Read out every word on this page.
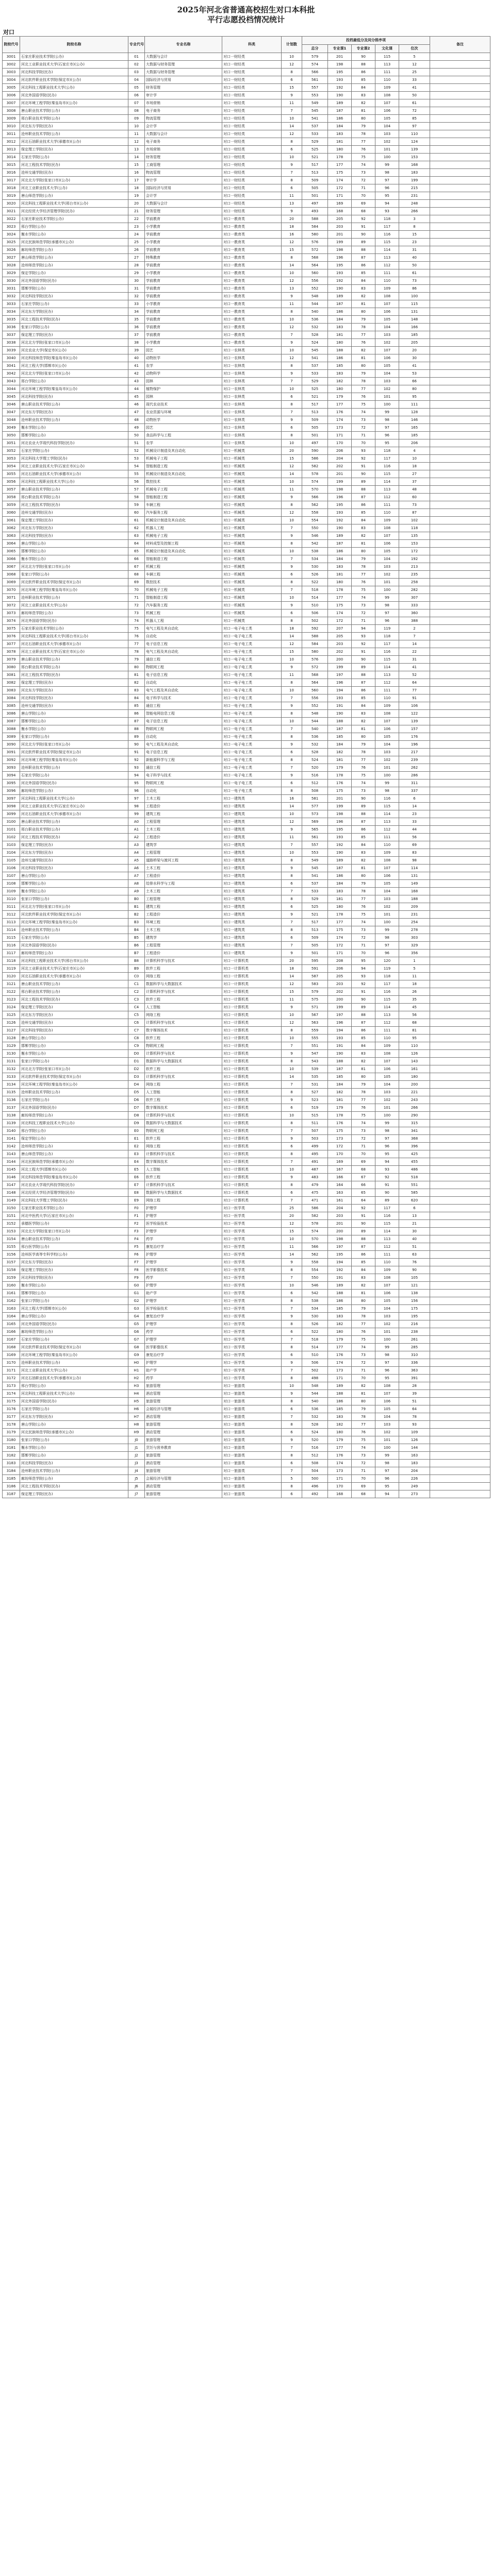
2025年河北省普通高校招生对口本科批
平行志愿投档情况统计
对口
院校代号	院校名称	专业代号	专业名称	科类	计划数	投档最低分及同分排序项					备注
						总分	专业课1	专业课2	文化课	位次	
3001	石家庄职业技术学院(公办)	01	大数据与会计	对口一财经类	10	579	201	90	115	5	
3002	河北工业职业技术大学(石家庄市)(公办)	02	大数据与财务管理	对口一财经类	12	574	198	88	113	12	
3003	河北科技学院(民办)	03	大数据与财务管理	对口一财经类	8	566	195	86	111	25	
3004	河北软件职业技术学院(保定市)(公办)	04	国际经济与贸易	对口一财经类	6	561	193	85	110	33	
3005	河北科技工程职业技术大学(公办)	05	财务管理	对口一财经类	15	557	192	84	109	41	
3006	河北外国语学院(民办)	06	审计学	对口一财经类	9	553	190	83	108	50	
3007	河北环境工程学院(秦皇岛市)(公办)	07	市场营销	对口一财经类	11	549	189	82	107	61	
3008	唐山职业技术学院(公办)	08	电子商务	对口一财经类	7	545	187	81	106	72	
3009	邢台职业技术学院(公办)	09	物流管理	对口一财经类	10	541	186	80	105	85	
3010	河北东方学院(民办)	10	会计学	对口一财经类	14	537	184	79	104	97	
3011	沧州职业技术学院(公办)	11	大数据与会计	对口一财经类	12	533	183	78	103	110	
3012	河北石油职业技术大学(承德市)(公办)	12	电子商务	对口一财经类	8	529	181	77	102	124	
3013	保定理工学院(民办)	13	市场营销	对口一财经类	6	525	180	76	101	139	
3014	石家庄学院(公办)	14	财务管理	对口一财经类	10	521	178	75	100	153	
3015	河北工程技术学院(民办)	15	工商管理	对口一财经类	9	517	177	74	99	168	
3016	沧州交通学院(民办)	16	物流管理	对口一财经类	7	513	175	73	98	183	
3017	河北北方学院(张家口市)(公办)	17	审计学	对口一财经类	8	509	174	72	97	199	
3018	河北工业职业技术大学(公办)	18	国际经济与贸易	对口一财经类	6	505	172	71	96	215	
3019	唐山师范学院(公办)	19	会计学	对口一财经类	11	501	171	70	95	231	
3020	河北科技工程职业技术大学(邢台市)(公办)	20	大数据与会计	对口一财经类	13	497	169	69	94	248	
3021	河北经贸大学经济管理学院(民办)	21	财务管理	对口一财经类	9	493	168	68	93	266	
3022	石家庄职业技术学院(公办)	22	学前教育	对口一教育类	20	588	205	92	118	3	
3023	邢台学院(公办)	23	小学教育	对口一教育类	18	584	203	91	117	8	
3024	衡水学院(公办)	24	学前教育	对口一教育类	16	580	201	90	116	15	
3025	河北民族师范学院(承德市)(公办)	25	小学教育	对口一教育类	12	576	199	89	115	23	
3026	廊坊师范学院(公办)	26	学前教育	对口一教育类	15	572	198	88	114	31	
3027	唐山师范学院(公办)	27	特殊教育	对口一教育类	8	568	196	87	113	40	
3028	沧州师范学院(公办)	28	学前教育	对口一教育类	14	564	195	86	112	50	
3029	保定学院(公办)	29	小学教育	对口一教育类	10	560	193	85	111	61	
3030	河北外国语学院(民办)	30	学前教育	对口一教育类	12	556	192	84	110	73	
3031	邯郸学院(公办)	31	学前教育	对口一教育类	13	552	190	83	109	86	
3032	河北科技学院(民办)	32	学前教育	对口一教育类	9	548	189	82	108	100	
3033	石家庄学院(公办)	33	小学教育	对口一教育类	11	544	187	81	107	115	
3034	河北东方学院(民办)	34	学前教育	对口一教育类	8	540	186	80	106	131	
3035	河北工程技术学院(民办)	35	学前教育	对口一教育类	10	536	184	79	105	148	
3036	张家口学院(公办)	36	学前教育	对口一教育类	12	532	183	78	104	166	
3037	保定理工学院(民办)	37	学前教育	对口一教育类	7	528	181	77	103	185	
3038	河北北方学院(张家口市)(公办)	38	小学教育	对口一教育类	9	524	180	76	102	205	
3039	河北农业大学(保定市)(公办)	39	园艺	对口一农林类	10	545	188	82	107	20	
3040	河北科技师范学院(秦皇岛市)(公办)	40	动物医学	对口一农林类	12	541	186	81	106	30	
3041	河北工程大学(邯郸市)(公办)	41	农学	对口一农林类	8	537	185	80	105	41	
3042	河北北方学院(张家口市)(公办)	42	动物科学	对口一农林类	9	533	183	79	104	53	
3043	邢台学院(公办)	43	园林	对口一农林类	7	529	182	78	103	66	
3044	河北环境工程学院(秦皇岛市)(公办)	44	植物保护	对口一农林类	10	525	180	77	102	80	
3045	河北科技学院(民办)	45	园林	对口一农林类	6	521	179	76	101	95	
3046	唐山职业技术学院(公办)	46	现代农业技术	对口一农林类	8	517	177	75	100	111	
3047	河北东方学院(民办)	47	农业资源与环境	对口一农林类	7	513	176	74	99	128	
3048	沧州职业技术学院(公办)	48	动物医学	对口一农林类	9	509	174	73	98	146	
3049	衡水学院(公办)	49	园艺	对口一农林类	6	505	173	72	97	165	
3050	邯郸学院(公办)	50	食品科学与工程	对口一农林类	8	501	171	71	96	185	
3051	河北农业大学现代科技学院(民办)	51	农学	对口一农林类	10	497	170	70	95	206	
3052	石家庄学院(公办)	52	机械设计制造及其自动化	对口一机械类	20	590	206	93	118	4	
3053	河北科技大学理工学院(民办)	53	机械电子工程	对口一机械类	15	586	204	92	117	10	
3054	河北工业职业技术大学(石家庄市)(公办)	54	智能制造工程	对口一机械类	12	582	202	91	116	18	
3055	河北石油职业技术大学(承德市)(公办)	55	机械设计制造及其自动化	对口一机械类	14	578	201	90	115	27	
3056	河北科技工程职业技术大学(公办)	56	数控技术	对口一机械类	10	574	199	89	114	37	
3057	唐山职业技术学院(公办)	57	机械电子工程	对口一机械类	11	570	198	88	113	48	
3058	邢台职业技术学院(公办)	58	智能制造工程	对口一机械类	9	566	196	87	112	60	
3059	河北工程技术学院(民办)	59	车辆工程	对口一机械类	8	562	195	86	111	73	
3060	沧州交通学院(民办)	60	汽车服务工程	对口一机械类	12	558	193	85	110	87	
3061	保定理工学院(民办)	61	机械设计制造及其自动化	对口一机械类	10	554	192	84	109	102	
3062	河北东方学院(民办)	62	机器人工程	对口一机械类	7	550	190	83	108	118	
3063	河北科技学院(民办)	63	机械电子工程	对口一机械类	9	546	189	82	107	135	
3064	唐山学院(公办)	64	材料成型及控制工程	对口一机械类	8	542	187	81	106	153	
3065	邯郸学院(公办)	65	机械设计制造及其自动化	对口一机械类	10	538	186	80	105	172	
3066	衡水学院(公办)	66	智能制造工程	对口一机械类	7	534	184	79	104	192	
3067	河北北方学院(张家口市)(公办)	67	机械工程	对口一机械类	9	530	183	78	103	213	
3068	张家口学院(公办)	68	车辆工程	对口一机械类	6	526	181	77	102	235	
3069	河北软件职业技术学院(保定市)(公办)	69	数控技术	对口一机械类	8	522	180	76	101	258	
3070	河北环境工程学院(秦皇岛市)(公办)	70	机械电子工程	对口一机械类	7	518	178	75	100	282	
3071	沧州职业技术学院(公办)	71	智能制造工程	对口一机械类	10	514	177	74	99	307	
3072	河北工业职业技术大学(公办)	72	汽车服务工程	对口一机械类	9	510	175	73	98	333	
3073	廊坊师范学院(公办)	73	机械工程	对口一机械类	6	506	174	72	97	360	
3074	河北外国语学院(民办)	74	机器人工程	对口一机械类	8	502	172	71	96	388	
3075	石家庄职业技术学院(公办)	75	电气工程及其自动化	对口一电子电工类	18	592	207	94	119	2	
3076	河北科技工程职业技术大学(邢台市)(公办)	76	自动化	对口一电子电工类	14	588	205	93	118	7	
3077	河北石油职业技术大学(承德市)(公办)	77	电子信息工程	对口一电子电工类	12	584	203	92	117	14	
3078	河北工业职业技术大学(石家庄市)(公办)	78	电气工程及其自动化	对口一电子电工类	15	580	202	91	116	22	
3079	唐山职业技术学院(公办)	79	通信工程	对口一电子电工类	10	576	200	90	115	31	
3080	邢台职业技术学院(公办)	80	物联网工程	对口一电子电工类	9	572	199	89	114	41	
3081	河北工程技术学院(民办)	81	电子信息工程	对口一电子电工类	11	568	197	88	113	52	
3082	保定理工学院(民办)	82	自动化	对口一电子电工类	8	564	196	87	112	64	
3083	河北东方学院(民办)	83	电气工程及其自动化	对口一电子电工类	10	560	194	86	111	77	
3084	河北科技学院(民办)	84	电子科学与技术	对口一电子电工类	7	556	193	85	110	91	
3085	沧州交通学院(民办)	85	通信工程	对口一电子电工类	9	552	191	84	109	106	
3086	唐山学院(公办)	86	智能电网信息工程	对口一电子电工类	8	548	190	83	108	122	
3087	邯郸学院(公办)	87	电子信息工程	对口一电子电工类	10	544	188	82	107	139	
3088	衡水学院(公办)	88	物联网工程	对口一电子电工类	7	540	187	81	106	157	
3089	张家口学院(公办)	89	自动化	对口一电子电工类	8	536	185	80	105	176	
3090	河北北方学院(张家口市)(公办)	90	电气工程及其自动化	对口一电子电工类	9	532	184	79	104	196	
3091	河北软件职业技术学院(保定市)(公办)	91	电子信息工程	对口一电子电工类	6	528	182	78	103	217	
3092	河北环境工程学院(秦皇岛市)(公办)	92	新能源科学与工程	对口一电子电工类	8	524	181	77	102	239	
3093	沧州职业技术学院(公办)	93	通信工程	对口一电子电工类	7	520	179	76	101	262	
3094	石家庄学院(公办)	94	电子科学与技术	对口一电子电工类	9	516	178	75	100	286	
3095	河北外国语学院(民办)	95	物联网工程	对口一电子电工类	6	512	176	74	99	311	
3096	廊坊师范学院(公办)	96	自动化	对口一电子电工类	8	508	175	73	98	337	
3097	河北科技工程职业技术大学(公办)	97	土木工程	对口一建筑类	16	581	201	90	116	6	
3098	河北工业职业技术大学(石家庄市)(公办)	98	工程造价	对口一建筑类	14	577	199	89	115	14	
3099	河北石油职业技术大学(承德市)(公办)	99	建筑工程	对口一建筑类	10	573	198	88	114	23	
3100	唐山职业技术学院(公办)	A0	工程管理	对口一建筑类	12	569	196	87	113	33	
3101	邢台职业技术学院(公办)	A1	土木工程	对口一建筑类	9	565	195	86	112	44	
3102	河北工程技术学院(民办)	A2	工程造价	对口一建筑类	11	561	193	85	111	56	
3103	保定理工学院(民办)	A3	建筑学	对口一建筑类	7	557	192	84	110	69	
3104	河北东方学院(民办)	A4	工程管理	对口一建筑类	10	553	190	83	109	83	
3105	沧州交通学院(民办)	A5	道路桥梁与渡河工程	对口一建筑类	8	549	189	82	108	98	
3106	河北科技学院(民办)	A6	土木工程	对口一建筑类	9	545	187	81	107	114	
3107	唐山学院(公办)	A7	工程造价	对口一建筑类	8	541	186	80	106	131	
3108	邯郸学院(公办)	A8	给排水科学与工程	对口一建筑类	6	537	184	79	105	149	
3109	衡水学院(公办)	A9	土木工程	对口一建筑类	7	533	183	78	104	168	
3110	张家口学院(公办)	B0	工程管理	对口一建筑类	8	529	181	77	103	188	
3111	河北北方学院(张家口市)(公办)	B1	建筑工程	对口一建筑类	6	525	180	76	102	209	
3112	河北软件职业技术学院(保定市)(公办)	B2	工程造价	对口一建筑类	9	521	178	75	101	231	
3113	河北环境工程学院(秦皇岛市)(公办)	B3	环境工程	对口一建筑类	7	517	177	74	100	254	
3114	沧州职业技术学院(公办)	B4	土木工程	对口一建筑类	8	513	175	73	99	278	
3115	石家庄学院(公办)	B5	建筑学	对口一建筑类	6	509	174	72	98	303	
3116	河北外国语学院(民办)	B6	工程管理	对口一建筑类	7	505	172	71	97	329	
3117	廊坊师范学院(公办)	B7	工程造价	对口一建筑类	9	501	171	70	96	356	
3118	河北科技工程职业技术大学(邢台市)(公办)	B8	计算机科学与技术	对口一计算机类	20	595	208	95	120	1	
3119	河北工业职业技术大学(石家庄市)(公办)	B9	软件工程	对口一计算机类	18	591	206	94	119	5	
3120	河北石油职业技术大学(承德市)(公办)	C0	网络工程	对口一计算机类	14	587	205	93	118	11	
3121	唐山职业技术学院(公办)	C1	数据科学与大数据技术	对口一计算机类	12	583	203	92	117	18	
3122	邢台职业技术学院(公办)	C2	计算机科学与技术	对口一计算机类	15	579	202	91	116	26	
3123	河北工程技术学院(民办)	C3	软件工程	对口一计算机类	11	575	200	90	115	35	
3124	保定理工学院(民办)	C4	人工智能	对口一计算机类	9	571	199	89	114	45	
3125	河北东方学院(民办)	C5	网络工程	对口一计算机类	10	567	197	88	113	56	
3126	沧州交通学院(民办)	C6	计算机科学与技术	对口一计算机类	12	563	196	87	112	68	
3127	河北科技学院(民办)	C7	数字媒体技术	对口一计算机类	8	559	194	86	111	81	
3128	唐山学院(公办)	C8	软件工程	对口一计算机类	10	555	193	85	110	95	
3129	邯郸学院(公办)	C9	物联网工程	对口一计算机类	7	551	191	84	109	110	
3130	衡水学院(公办)	D0	计算机科学与技术	对口一计算机类	9	547	190	83	108	126	
3131	张家口学院(公办)	D1	数据科学与大数据技术	对口一计算机类	8	543	188	82	107	143	
3132	河北北方学院(张家口市)(公办)	D2	软件工程	对口一计算机类	10	539	187	81	106	161	
3133	河北软件职业技术学院(保定市)(公办)	D3	计算机科学与技术	对口一计算机类	14	535	185	80	105	180	
3134	河北环境工程学院(秦皇岛市)(公办)	D4	网络工程	对口一计算机类	7	531	184	79	104	200	
3135	沧州职业技术学院(公办)	D5	人工智能	对口一计算机类	8	527	182	78	103	221	
3136	石家庄学院(公办)	D6	软件工程	对口一计算机类	9	523	181	77	102	243	
3137	河北外国语学院(民办)	D7	数字媒体技术	对口一计算机类	6	519	179	76	101	266	
3138	廊坊师范学院(公办)	D8	计算机科学与技术	对口一计算机类	10	515	178	75	100	290	
3139	河北科技工程职业技术大学(公办)	D9	数据科学与大数据技术	对口一计算机类	8	511	176	74	99	315	
3140	邢台学院(公办)	E0	物联网工程	对口一计算机类	7	507	175	73	98	341	
3141	保定学院(公办)	E1	软件工程	对口一计算机类	9	503	173	72	97	368	
3142	沧州师范学院(公办)	E2	网络工程	对口一计算机类	6	499	172	71	96	396	
3143	唐山师范学院(公办)	E3	计算机科学与技术	对口一计算机类	8	495	170	70	95	425	
3144	河北民族师范学院(承德市)(公办)	E4	数字媒体技术	对口一计算机类	7	491	169	69	94	455	
3145	河北工程大学(邯郸市)(公办)	E5	人工智能	对口一计算机类	10	487	167	68	93	486	
3146	河北科技师范学院(秦皇岛市)(公办)	E6	软件工程	对口一计算机类	9	483	166	67	92	518	
3147	河北农业大学现代科技学院(民办)	E7	计算机科学与技术	对口一计算机类	8	479	164	66	91	551	
3148	河北经贸大学经济管理学院(民办)	E8	数据科学与大数据技术	对口一计算机类	6	475	163	65	90	585	
3149	河北科技大学理工学院(民办)	E9	网络工程	对口一计算机类	7	471	161	64	89	620	
3150	石家庄职业技术学院(公办)	F0	护理学	对口一医学类	25	586	204	92	117	6	
3151	河北中医药大学(石家庄市)(公办)	F1	护理学	对口一医学类	20	582	203	91	116	13	
3152	承德医学院(公办)	F2	医学检验技术	对口一医学类	12	578	201	90	115	21	
3153	河北北方学院(张家口市)(公办)	F3	护理学	对口一医学类	15	574	200	89	114	30	
3154	唐山职业技术学院(公办)	F4	药学	对口一医学类	10	570	198	88	113	40	
3155	邢台医学院(公办)	F5	康复治疗学	对口一医学类	11	566	197	87	112	51	
3156	沧州医学高等专科学校(公办)	F6	护理学	对口一医学类	14	562	195	86	111	63	
3157	河北东方学院(民办)	F7	护理学	对口一医学类	9	558	194	85	110	76	
3158	保定理工学院(民办)	F8	医学影像技术	对口一医学类	8	554	192	84	109	90	
3159	河北科技学院(民办)	F9	药学	对口一医学类	7	550	191	83	108	105	
3160	衡水学院(公办)	G0	护理学	对口一医学类	10	546	189	82	107	121	
3161	邯郸学院(公办)	G1	助产学	对口一医学类	6	542	188	81	106	138	
3162	张家口学院(公办)	G2	护理学	对口一医学类	8	538	186	80	105	156	
3163	河北工程大学(邯郸市)(公办)	G3	医学检验技术	对口一医学类	7	534	185	79	104	175	
3164	唐山学院(公办)	G4	康复治疗学	对口一医学类	9	530	183	78	103	195	
3165	河北外国语学院(民办)	G5	护理学	对口一医学类	8	526	182	77	102	216	
3166	廊坊师范学院(公办)	G6	药学	对口一医学类	6	522	180	76	101	238	
3167	石家庄学院(公办)	G7	护理学	对口一医学类	7	518	179	75	100	261	
3168	河北软件职业技术学院(保定市)(公办)	G8	医学影像技术	对口一医学类	8	514	177	74	99	285	
3169	河北环境工程学院(秦皇岛市)(公办)	G9	康复治疗学	对口一医学类	6	510	176	73	98	310	
3170	沧州职业技术学院(公办)	H0	护理学	对口一医学类	9	506	174	72	97	336	
3171	河北工业职业技术大学(公办)	H1	助产学	对口一医学类	7	502	173	71	96	363	
3172	河北石油职业技术大学(承德市)(公办)	H2	药学	对口一医学类	8	498	171	70	95	391	
3173	邢台学院(公办)	H3	旅游管理	对口一旅游类	10	548	189	82	108	28	
3174	河北科技工程职业技术大学(公办)	H4	酒店管理	对口一旅游类	9	544	188	81	107	39	
3175	河北外国语学院(民办)	H5	旅游管理	对口一旅游类	8	540	186	80	106	51	
3176	石家庄学院(公办)	H6	会展经济与管理	对口一旅游类	6	536	185	79	105	64	
3177	河北东方学院(民办)	H7	酒店管理	对口一旅游类	7	532	183	78	104	78	
3178	唐山学院(公办)	H8	旅游管理	对口一旅游类	8	528	182	77	103	93	
3179	河北民族师范学院(承德市)(公办)	H9	酒店管理	对口一旅游类	6	524	180	76	102	109	
3180	张家口学院(公办)	J0	旅游管理	对口一旅游类	9	520	179	75	101	126	
3181	衡水学院(公办)	J1	烹饪与营养教育	对口一旅游类	7	516	177	74	100	144	
3182	邯郸学院(公办)	J2	旅游管理	对口一旅游类	8	512	176	73	99	163	
3183	河北科技学院(民办)	J3	酒店管理	对口一旅游类	6	508	174	72	98	183	
3184	沧州职业技术学院(公办)	J4	旅游管理	对口一旅游类	7	504	173	71	97	204	
3185	廊坊师范学院(公办)	J5	会展经济与管理	对口一旅游类	5	500	171	70	96	226	
3186	河北工程技术学院(民办)	J6	酒店管理	对口一旅游类	8	496	170	69	95	249	
3187	保定理工学院(民办)	J7	旅游管理	对口一旅游类	6	492	168	68	94	273	
